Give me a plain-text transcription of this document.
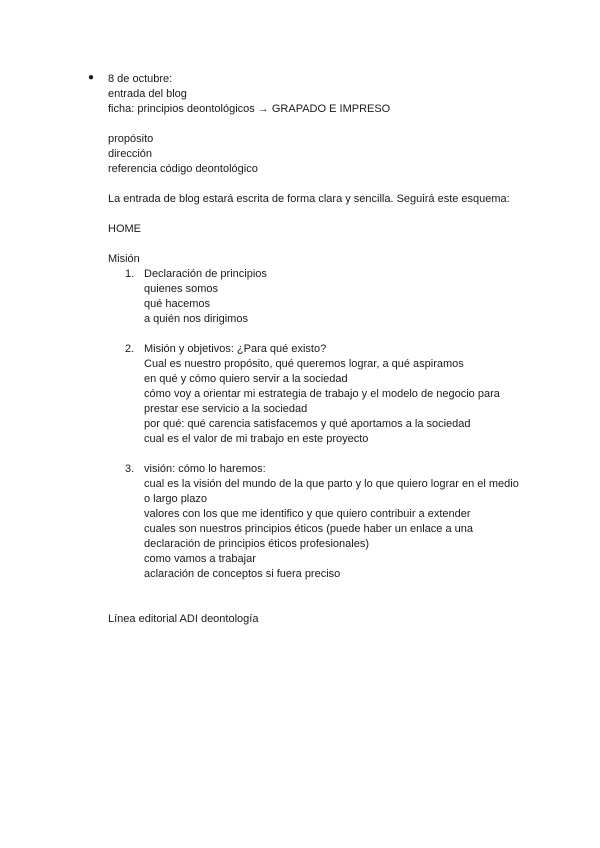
● 8 de octubre:

entrada del blog

ficha: principios deontológicos → GRAPADO E IMPRESO

propósito

dirección

referencia código deontológico

La entrada de blog estará escrita de forma clara y sencilla. Seguirá este esquema:

HOME

Misión

1. Declaración de principios

quienes somos

qué hacemos

a quién nos dirigimos

2. Misión y objetivos: ¿Para qué existo?

Cual es nuestro propósito, qué queremos lograr, a qué aspiramos

en qué y cómo quiero servir a la sociedad

cómo voy a orientar mi estrategia de trabajo y el modelo de negocio para

prestar ese servicio a la sociedad

por qué: qué carencia satisfacemos y qué aportamos a la sociedad

cual es el valor de mi trabajo en este proyecto

3. visión: cómo lo haremos:

cual es la visión del mundo de la que parto y lo que quiero lograr en el medio

o largo plazo

valores con los que me identifico y que quiero contribuir a extender

cuales son nuestros principios éticos (puede haber un enlace a una

declaración de principios éticos profesionales)

como vamos a trabajar

aclaración de conceptos si fuera preciso

Línea editorial ADI deontología
